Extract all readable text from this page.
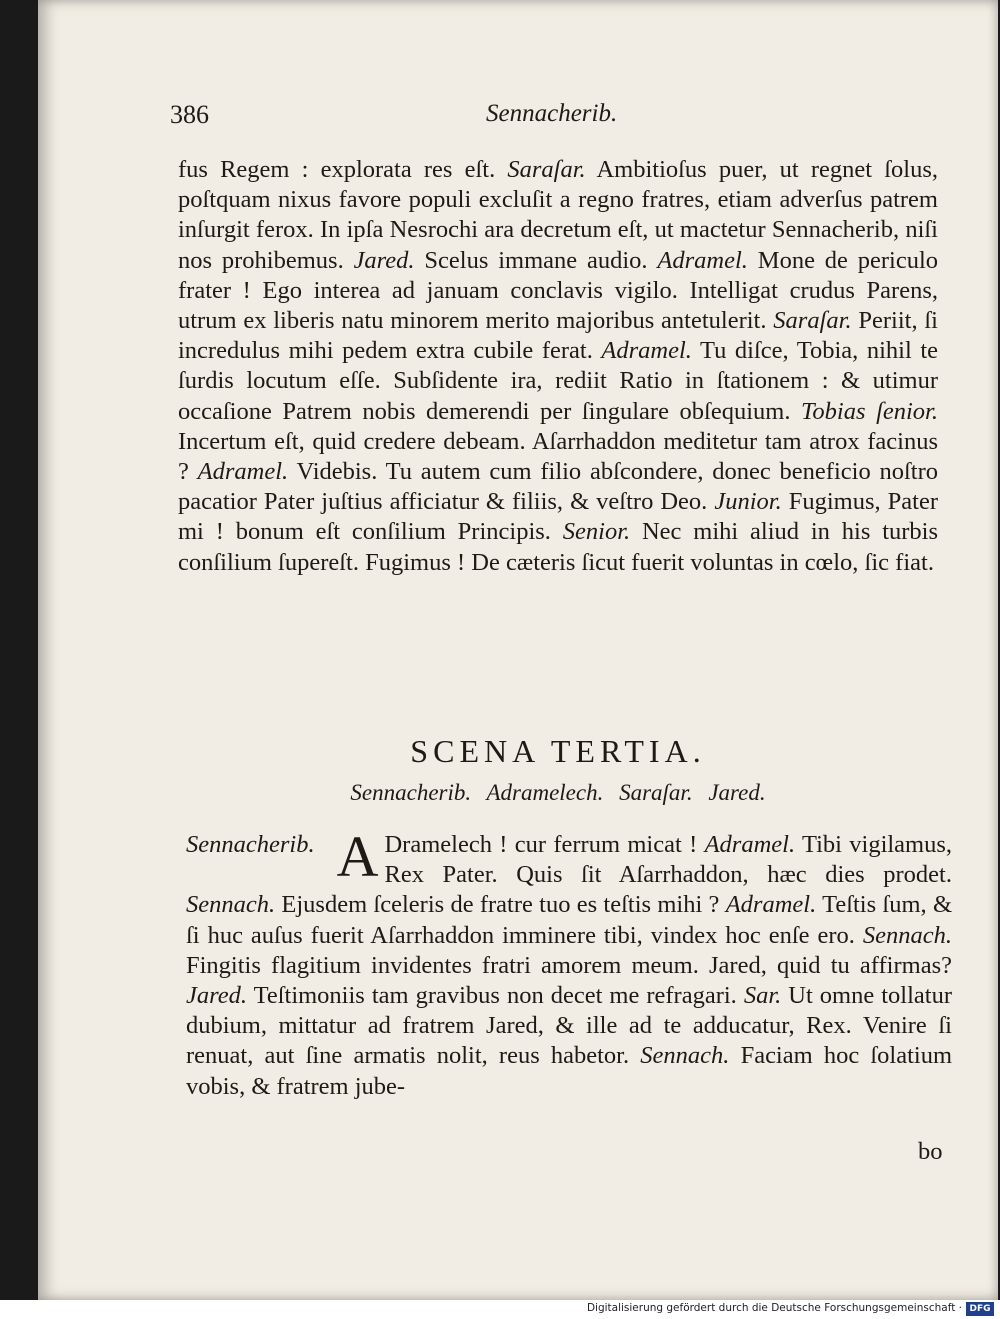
386	Sennacherib.

fus Regem : explorata res eſt. Saraſar. Ambitioſus puer, ut regnet ſolus, poſtquam nixus favore populi excluſit a regno fratres, etiam adverſus patrem inſurgit ferox. In ipſa Nesrochi ara decretum eſt, ut mactetur Sennacherib, niſi nos prohibemus. Jared. Scelus immane audio. Adramel. Mone de periculo frater ! Ego interea ad januam conclavis vigilo. Intelligat crudus Parens, utrum ex liberis natu minorem merito majoribus antetulerit. Saraſar. Periit, ſi incredulus mihi pedem extra cubile ferat. Adramel. Tu diſce, Tobia, nihil te ſurdis locutum eſſe. Subſidente ira, rediit Ratio in ſtationem : & utimur occaſione Patrem nobis demerendi per ſingulare obſequium. Tobias ſenior. Incertum eſt, quid credere debeam. Aſarrhaddon meditetur tam atrox facinus ? Adramel. Videbis. Tu autem cum filio abſcondere, donec beneficio noſtro pacatior Pater juſtius afficiatur & filiis, & veſtro Deo. Junior. Fugimus, Pater mi ! bonum eſt conſilium Principis. Senior. Nec mihi aliud in his turbis conſilium ſupereſt. Fugimus ! De cæteris ſicut fuerit voluntas in cœlo, ſic fiat.

SCENA TERTIA.
Sennacherib. Adramelech. Saraſar. Jared.

Sennacherib. A Dramelech ! cur ferrum micat ! Adramel. Tibi vigilamus, Rex Pater. Quis ſit Aſarrhaddon, hæc dies prodet. Sennach. Ejusdem ſceleris de fratre tuo es teſtis mihi ? Adramel. Teſtis ſum, & ſi huc auſus fuerit Aſarrhaddon imminere tibi, vindex hoc enſe ero. Sennach. Fingitis flagitium invidentes fratri amorem meum. Jared, quid tu affirmas? Jared. Teſtimoniis tam gravibus non decet me refragari. Sar. Ut omne tollatur dubium, mittatur ad fratrem Jared, & ille ad te adducatur, Rex. Venire ſi renuat, aut ſine armatis nolit, reus habetor. Sennach. Faciam hoc ſolatium vobis, & fratrem jube-

bo
Digitalisierung gefördert durch die Deutsche Forschungsgemeinschaft · DFG
